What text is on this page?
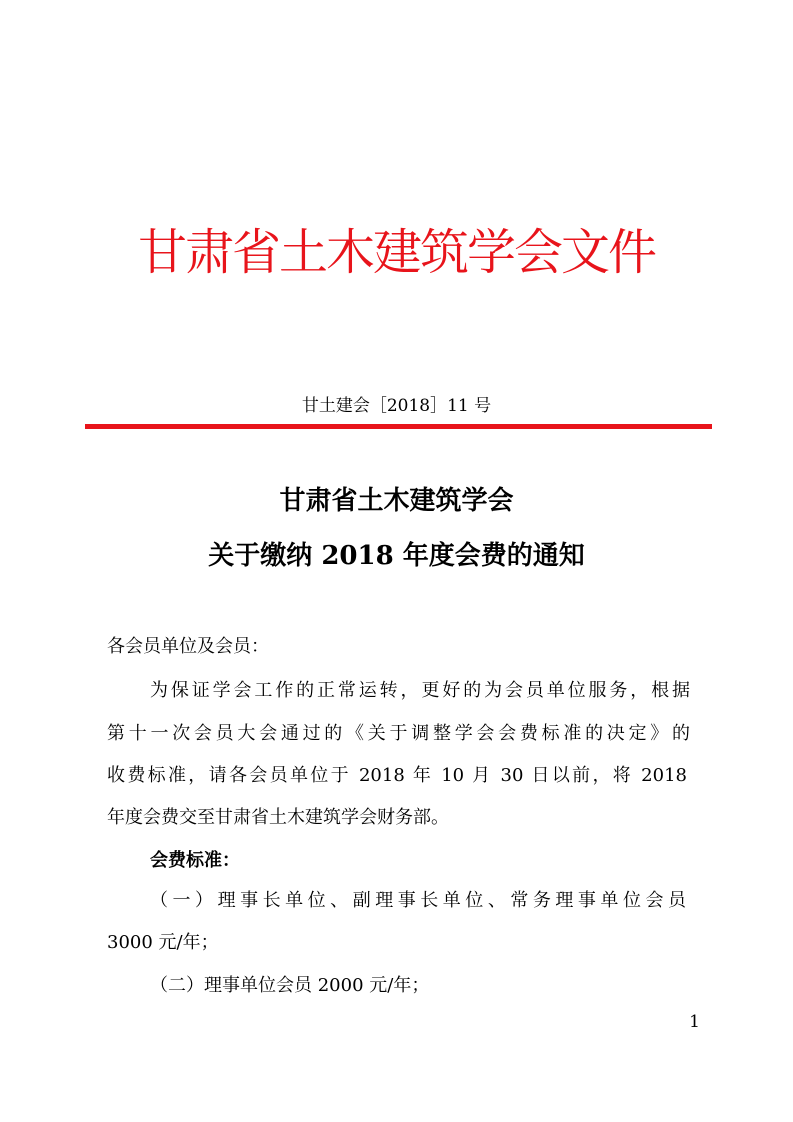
甘肃省土木建筑学会文件
甘土建会［2018］11 号
甘肃省土木建筑学会
关于缴纳 2018 年度会费的通知
各会员单位及会员：
为保证学会工作的正常运转，更好的为会员单位服务，根据
第十一次会员大会通过的《关于调整学会会费标准的决定》的
收费标准，请各会员单位于 2018 年 10 月 30 日以前，将 2018
年度会费交至甘肃省土木建筑学会财务部。
会费标准：
（一）理事长单位、副理事长单位、常务理事单位会员
3000 元/年；
（二）理事单位会员 2000 元/年；
1
